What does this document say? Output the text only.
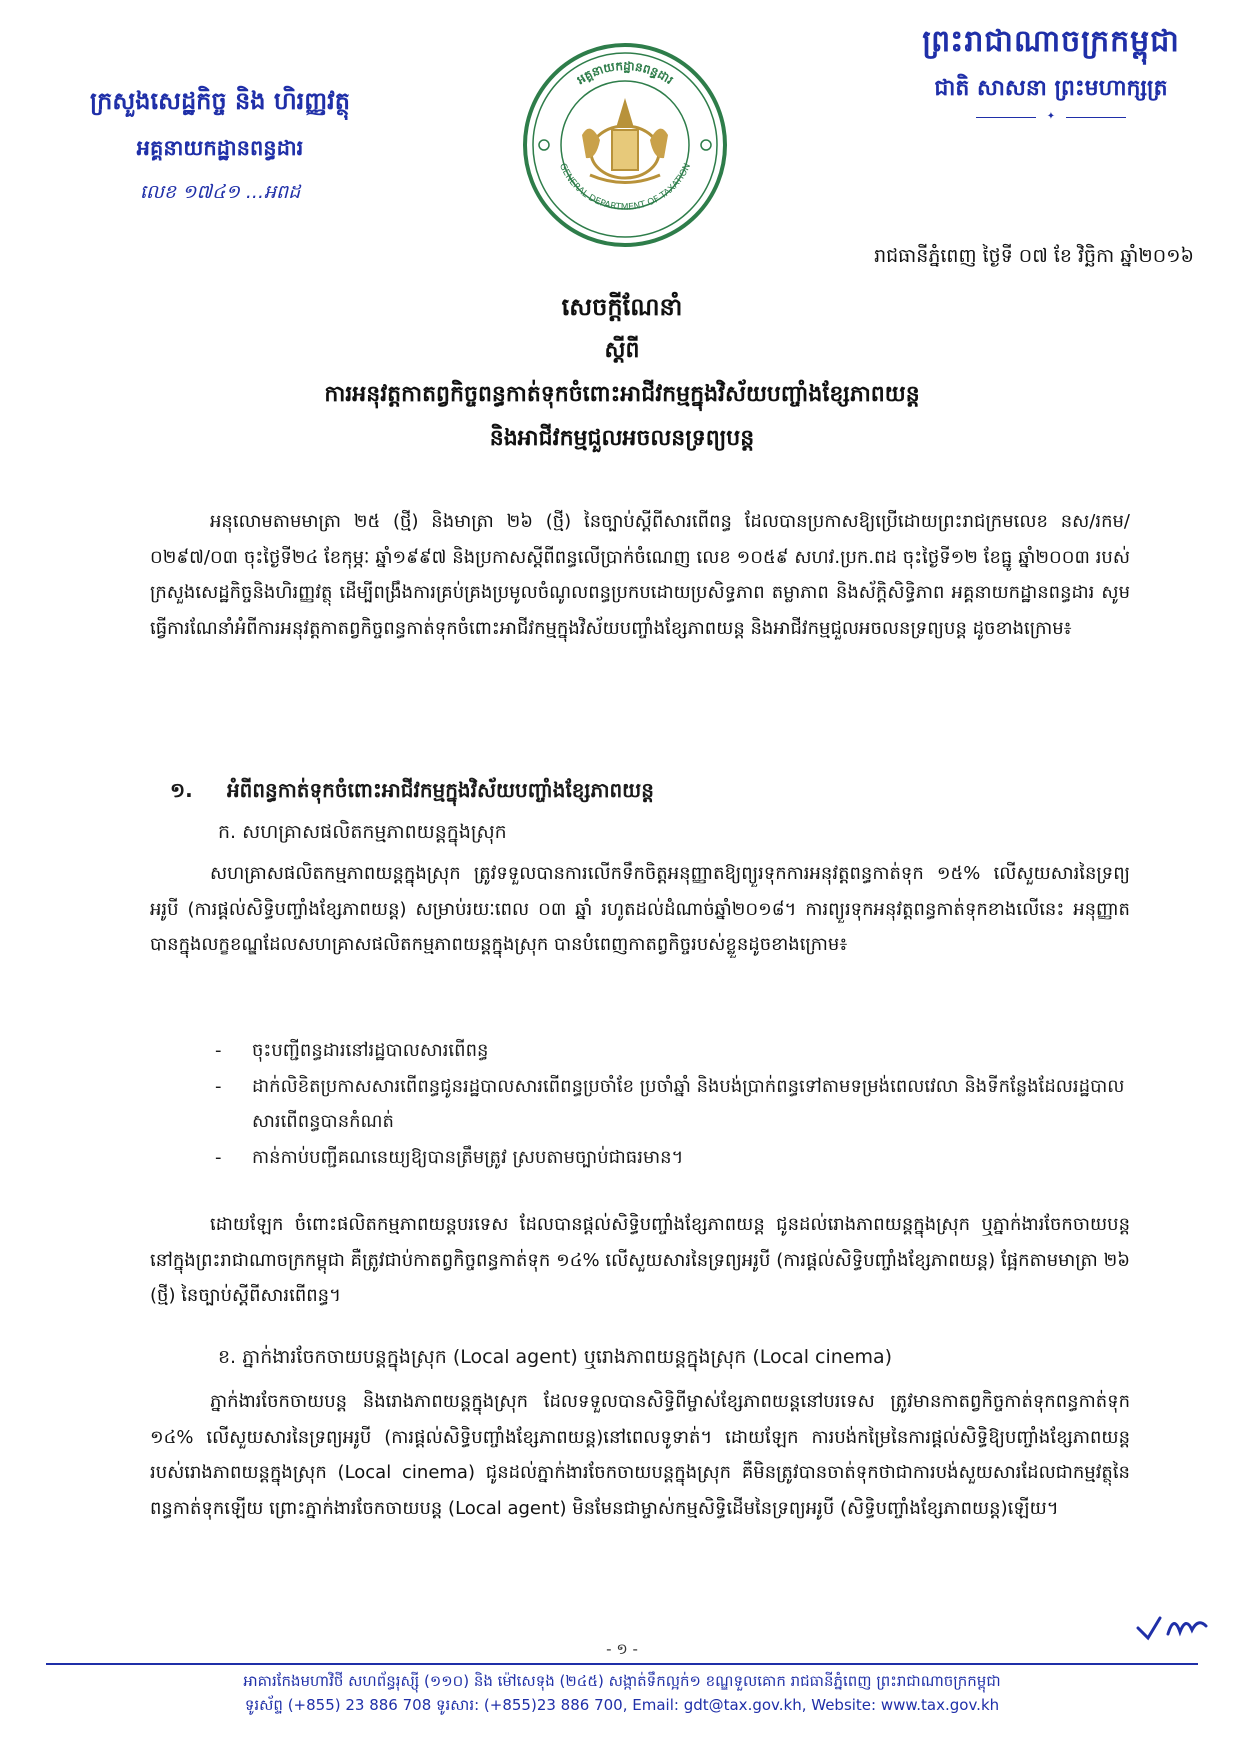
ព្រះរាជាណាចក្រកម្ពុជា
ជាតិ សាសនា ព្រះមហាក្សត្រ
✦
ក្រសួងសេដ្ឋកិច្ច និង ហិរញ្ញវត្ថុ
អគ្គនាយកដ្ឋានពន្ធដារ
លេខ ១៧៤១ ...អពដ
អគ្គនាយកដ្ឋានពន្ធដារ
GENERAL DEPARTMENT OF TAXATION
រាជធានីភ្នំពេញ ថ្ងៃទី ០៧ ខែ វិច្ឆិកា ឆ្នាំ២០១៦
សេចក្តីណែនាំ
ស្តីពី
ការអនុវត្តកាតព្វកិច្ចពន្ធកាត់ទុកចំពោះអាជីវកម្មក្នុងវិស័យបញ្ចាំងខ្សែភាពយន្ត
និងអាជីវកម្មជួលអចលនទ្រព្យបន្ត
អនុលោមតាមមាត្រា ២៥ (ថ្មី) និងមាត្រា ២៦ (ថ្មី) នៃច្បាប់ស្តីពីសារពើពន្ធ ដែលបានប្រកាសឱ្យប្រើដោយព្រះរាជក្រមលេខ នស/រកម/០២៩៧/០៣ ចុះថ្ងៃទី២៤ ខែកុម្ភៈ ឆ្នាំ១៩៩៧ និងប្រកាសស្តីពីពន្ធលើប្រាក់ចំណេញ លេខ ១០៥៩ សហវ.ប្រក.ពដ ចុះថ្ងៃទី១២ ខែធ្នូ ឆ្នាំ២០០៣ របស់ក្រសួងសេដ្ឋកិច្ចនិងហិរញ្ញវត្ថុ ដើម្បីពង្រឹងការគ្រប់គ្រងប្រមូលចំណូលពន្ធប្រកបដោយប្រសិទ្ធភាព តម្លាភាព និងស័ក្តិសិទ្ធិភាព អគ្គនាយកដ្ឋានពន្ធដារ សូមធ្វើការណែនាំអំពីការអនុវត្តកាតព្វកិច្ចពន្ធកាត់ទុកចំពោះអាជីវកម្មក្នុងវិស័យបញ្ចាំងខ្សែភាពយន្ត និងអាជីវកម្មជួលអចលនទ្រព្យបន្ត ដូចខាងក្រោម៖
១. អំពីពន្ធកាត់ទុកចំពោះអាជីវកម្មក្នុងវិស័យបញ្ចាំងខ្សែភាពយន្ត
ក. សហគ្រាសផលិតកម្មភាពយន្តក្នុងស្រុក
សហគ្រាសផលិតកម្មភាពយន្តក្នុងស្រុក ត្រូវទទួលបានការលើកទឹកចិត្តអនុញ្ញាតឱ្យព្យួរទុកការអនុវត្តពន្ធកាត់ទុក ១៥% លើសួយសារនៃទ្រព្យអរូបី (ការផ្តល់សិទ្ធិបញ្ចាំងខ្សែភាពយន្ត) សម្រាប់រយៈពេល ០៣ ឆ្នាំ រហូតដល់ដំណាច់ឆ្នាំ២០១៨។ ការព្យួរទុកអនុវត្តពន្ធកាត់ទុកខាងលើនេះ អនុញ្ញាតបានក្នុងលក្ខខណ្ឌដែលសហគ្រាសផលិតកម្មភាពយន្តក្នុងស្រុក បានបំពេញកាតព្វកិច្ចរបស់ខ្លួនដូចខាងក្រោម៖
- ចុះបញ្ជីពន្ធដារនៅរដ្ឋបាលសារពើពន្ធ
- ដាក់លិខិតប្រកាសសារពើពន្ធជូនរដ្ឋបាលសារពើពន្ធប្រចាំខែ ប្រចាំឆ្នាំ និងបង់ប្រាក់ពន្ធទៅតាមទម្រង់ពេលវេលា និងទីកន្លែងដែលរដ្ឋបាលសារពើពន្ធបានកំណត់
- កាន់កាប់បញ្ជីគណនេយ្យឱ្យបានត្រឹមត្រូវ ស្របតាមច្បាប់ជាធរមាន។
ដោយឡែក ចំពោះផលិតកម្មភាពយន្តបរទេស ដែលបានផ្តល់សិទ្ធិបញ្ចាំងខ្សែភាពយន្ត ជូនដល់រោងភាពយន្តក្នុងស្រុក ឬភ្នាក់ងារចែកចាយបន្ត នៅក្នុងព្រះរាជាណាចក្រកម្ពុជា គឺត្រូវជាប់កាតព្វកិច្ចពន្ធកាត់ទុក ១៤% លើសួយសារនៃទ្រព្យអរូបី (ការផ្តល់សិទ្ធិបញ្ចាំងខ្សែភាពយន្ត) ផ្អែកតាមមាត្រា ២៦ (ថ្មី) នៃច្បាប់ស្តីពីសារពើពន្ធ។
ខ. ភ្នាក់ងារចែកចាយបន្តក្នុងស្រុក (Local agent) ឬរោងភាពយន្តក្នុងស្រុក (Local cinema)
ភ្នាក់ងារចែកចាយបន្ត និងរោងភាពយន្តក្នុងស្រុក ដែលទទួលបានសិទ្ធិពីម្ចាស់ខ្សែភាពយន្តនៅបរទេស ត្រូវមានកាតព្វកិច្ចកាត់ទុកពន្ធកាត់ទុក ១៤% លើសួយសារនៃទ្រព្យអរូបី (ការផ្តល់សិទ្ធិបញ្ចាំងខ្សែភាពយន្ត)នៅពេលទូទាត់។ ដោយឡែក ការបង់កម្រៃនៃការផ្តល់សិទ្ធិឱ្យបញ្ចាំងខ្សែភាពយន្តរបស់រោងភាពយន្តក្នុងស្រុក (Local cinema) ជូនដល់ភ្នាក់ងារចែកចាយបន្តក្នុងស្រុក គឺមិនត្រូវបានចាត់ទុកថាជាការបង់សួយសារដែលជាកម្មវត្ថុនៃពន្ធកាត់ទុកឡើយ ព្រោះភ្នាក់ងារចែកចាយបន្ត (Local agent) មិនមែនជាម្ចាស់កម្មសិទ្ធិដើមនៃទ្រព្យអរូបី (សិទ្ធិបញ្ចាំងខ្សែភាពយន្ត)ឡើយ។
- ១ -
អាគារកែងមហាវិថី សហព័ន្ធរុស្ស៊ី (១១០) និង ម៉ៅសេទុង (២៤៥) សង្កាត់ទឹកល្អក់១ ខណ្ឌទួលគោក រាជធានីភ្នំពេញ ព្រះរាជាណាចក្រកម្ពុជា
ទូរស័ព្ទ (+855) 23 886 708 ទូរសារ: (+855)23 886 700, Email: gdt@tax.gov.kh, Website: www.tax.gov.kh
